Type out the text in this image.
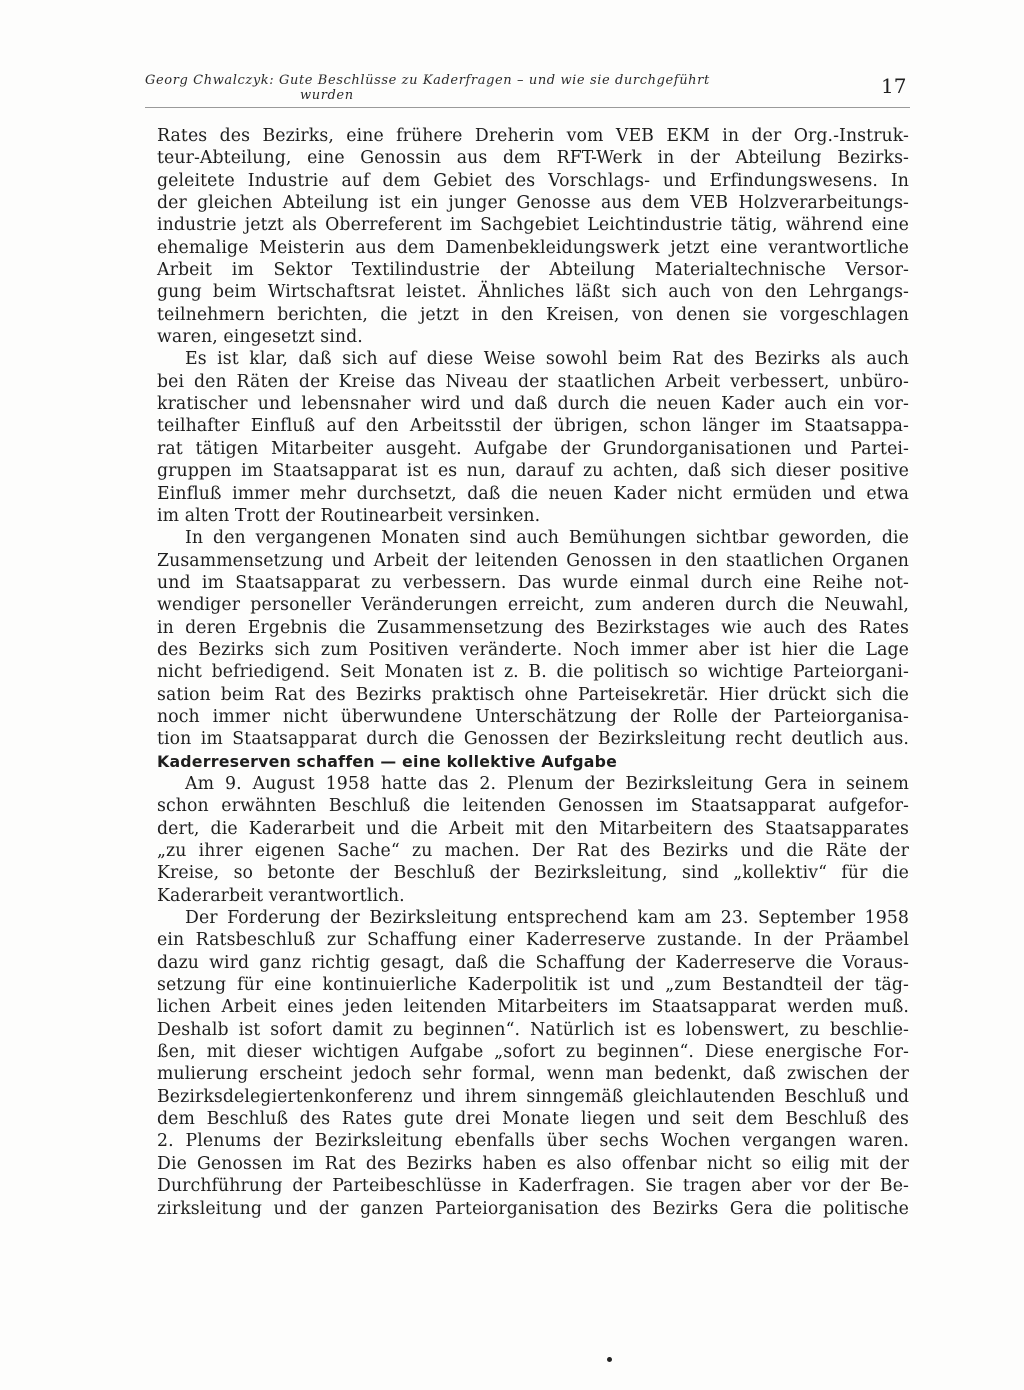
Georg Chwalczyk: Gute Beschlüsse zu Kaderfragen – und wie sie durchgeführt
wurden	17
Rates des Bezirks, eine frühere Dreherin vom VEB EKM in der Org.-Instruk-
teur-Abteilung, eine Genossin aus dem RFT-Werk in der Abteilung Bezirks-
geleitete Industrie auf dem Gebiet des Vorschlags- und Erfindungswesens. In
der gleichen Abteilung ist ein junger Genosse aus dem VEB Holzverarbeitungs-
industrie jetzt als Oberreferent im Sachgebiet Leichtindustrie tätig, während eine
ehemalige Meisterin aus dem Damenbekleidungswerk jetzt eine verantwortliche
Arbeit im Sektor Textilindustrie der Abteilung Materialtechnische Versor-
gung beim Wirtschaftsrat leistet. Ähnliches läßt sich auch von den Lehrgangs-
teilnehmern berichten, die jetzt in den Kreisen, von denen sie vorgeschlagen
waren, eingesetzt sind.
Es ist klar, daß sich auf diese Weise sowohl beim Rat des Bezirks als auch
bei den Räten der Kreise das Niveau der staatlichen Arbeit verbessert, unbüro-
kratischer und lebensnaher wird und daß durch die neuen Kader auch ein vor-
teilhafter Einfluß auf den Arbeitsstil der übrigen, schon länger im Staatsappa-
rat tätigen Mitarbeiter ausgeht. Aufgabe der Grundorganisationen und Partei-
gruppen im Staatsapparat ist es nun, darauf zu achten, daß sich dieser positive
Einfluß immer mehr durchsetzt, daß die neuen Kader nicht ermüden und etwa
im alten Trott der Routinearbeit versinken.
In den vergangenen Monaten sind auch Bemühungen sichtbar geworden, die
Zusammensetzung und Arbeit der leitenden Genossen in den staatlichen Organen
und im Staatsapparat zu verbessern. Das wurde einmal durch eine Reihe not-
wendiger personeller Veränderungen erreicht, zum anderen durch die Neuwahl,
in deren Ergebnis die Zusammensetzung des Bezirkstages wie auch des Rates
des Bezirks sich zum Positiven veränderte. Noch immer aber ist hier die Lage
nicht befriedigend. Seit Monaten ist z. B. die politisch so wichtige Parteiorgani-
sation beim Rat des Bezirks praktisch ohne Parteisekretär. Hier drückt sich die
noch immer nicht überwundene Unterschätzung der Rolle der Parteiorganisa-
tion im Staatsapparat durch die Genossen der Bezirksleitung recht deutlich aus.
Kaderreserven schaffen — eine kollektive Aufgabe
Am 9. August 1958 hatte das 2. Plenum der Bezirksleitung Gera in seinem
schon erwähnten Beschluß die leitenden Genossen im Staatsapparat aufgefor-
dert, die Kaderarbeit und die Arbeit mit den Mitarbeitern des Staatsapparates
„zu ihrer eigenen Sache“ zu machen. Der Rat des Bezirks und die Räte der
Kreise, so betonte der Beschluß der Bezirksleitung, sind „kollektiv“ für die
Kaderarbeit verantwortlich.
Der Forderung der Bezirksleitung entsprechend kam am 23. September 1958
ein Ratsbeschluß zur Schaffung einer Kaderreserve zustande. In der Präambel
dazu wird ganz richtig gesagt, daß die Schaffung der Kaderreserve die Voraus-
setzung für eine kontinuierliche Kaderpolitik ist und „zum Bestandteil der täg-
lichen Arbeit eines jeden leitenden Mitarbeiters im Staatsapparat werden muß.
Deshalb ist sofort damit zu beginnen“. Natürlich ist es lobenswert, zu beschlie-
ßen, mit dieser wichtigen Aufgabe „sofort zu beginnen“. Diese energische For-
mulierung erscheint jedoch sehr formal, wenn man bedenkt, daß zwischen der
Bezirksdelegiertenkonferenz und ihrem sinngemäß gleichlautenden Beschluß und
dem Beschluß des Rates gute drei Monate liegen und seit dem Beschluß des
2. Plenums der Bezirksleitung ebenfalls über sechs Wochen vergangen waren.
Die Genossen im Rat des Bezirks haben es also offenbar nicht so eilig mit der
Durchführung der Parteibeschlüsse in Kaderfragen. Sie tragen aber vor der Be-
zirksleitung und der ganzen Parteiorganisation des Bezirks Gera die politische
